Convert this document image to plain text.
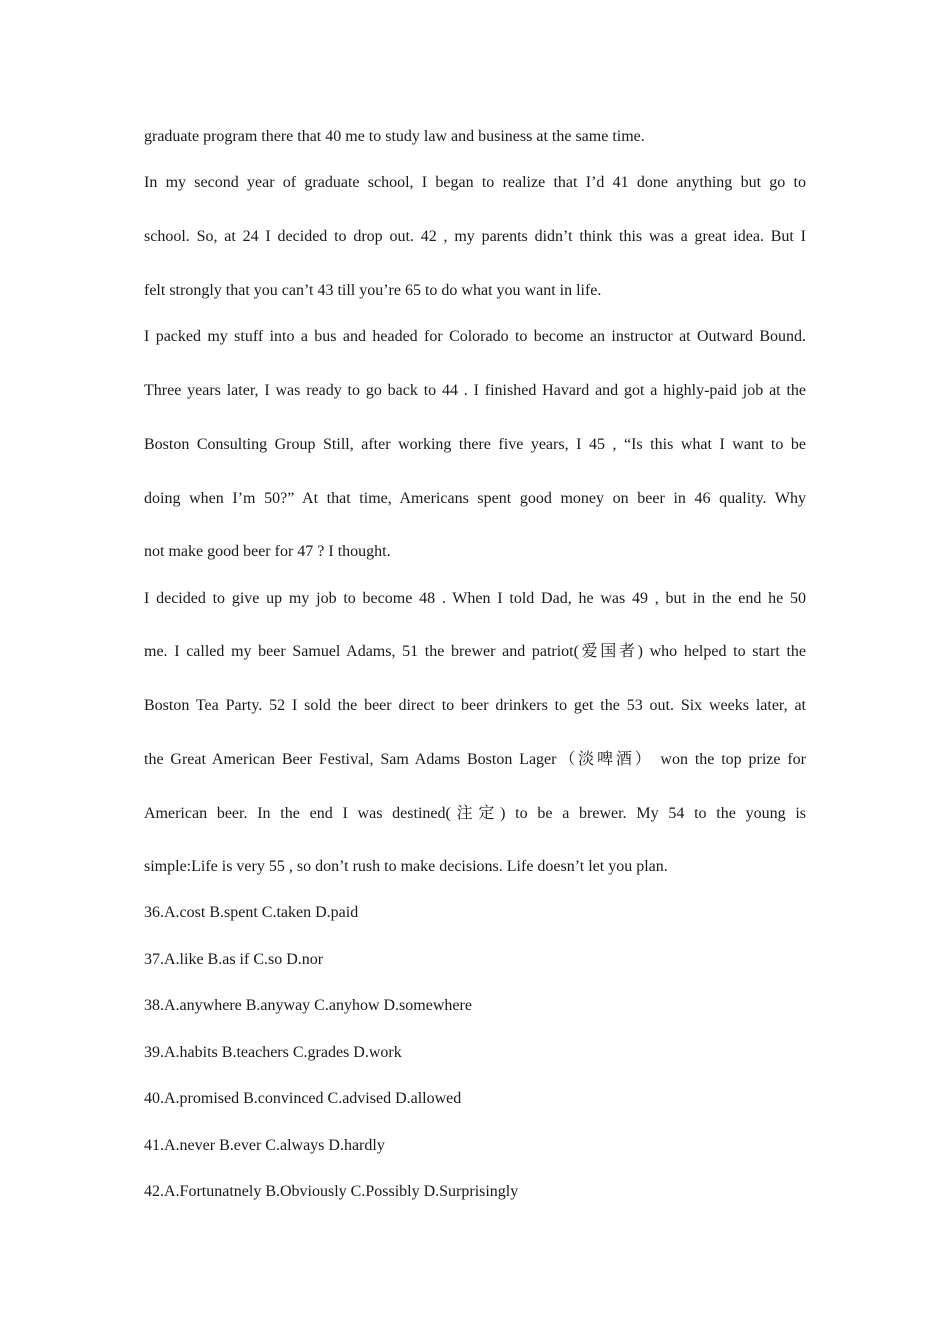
graduate program there that 40 me to study law and business at the same time.
In my second year of graduate school, I began to realize that I’d 41 done anything but go to
school. So, at 24 I decided to drop out. 42 , my parents didn’t think this was a great idea. But I
felt strongly that you can’t 43 till you’re 65 to do what you want in life.
I packed my stuff into a bus and headed for Colorado to become an instructor at Outward Bound.
Three years later, I was ready to go back to 44 . I finished Havard and got a highly-paid job at the
Boston Consulting Group Still, after working there five years, I 45 , “Is this what I want to be
doing when I’m 50?” At that time, Americans spent good money on beer in 46 quality. Why
not make good beer for 47 ? I thought.
I decided to give up my job to become 48 . When I told Dad, he was 49 , but in the end he 50
me. I called my beer Samuel Adams, 51 the brewer and patriot(爱国者) who helped to start the
Boston Tea Party. 52 I sold the beer direct to beer drinkers to get the 53 out. Six weeks later, at
the Great American Beer Festival, Sam Adams Boston Lager（淡啤酒） won the top prize for
American beer. In the end I was destined(注定) to be a brewer. My 54 to the young is
simple:Life is very 55 , so don’t rush to make decisions. Life doesn’t let you plan.
36.A.cost B.spent C.taken D.paid
37.A.like B.as if C.so D.nor
38.A.anywhere B.anyway C.anyhow D.somewhere
39.A.habits B.teachers C.grades D.work
40.A.promised B.convinced C.advised D.allowed
41.A.never B.ever C.always D.hardly
42.A.Fortunatnely B.Obviously C.Possibly D.Surprisingly
